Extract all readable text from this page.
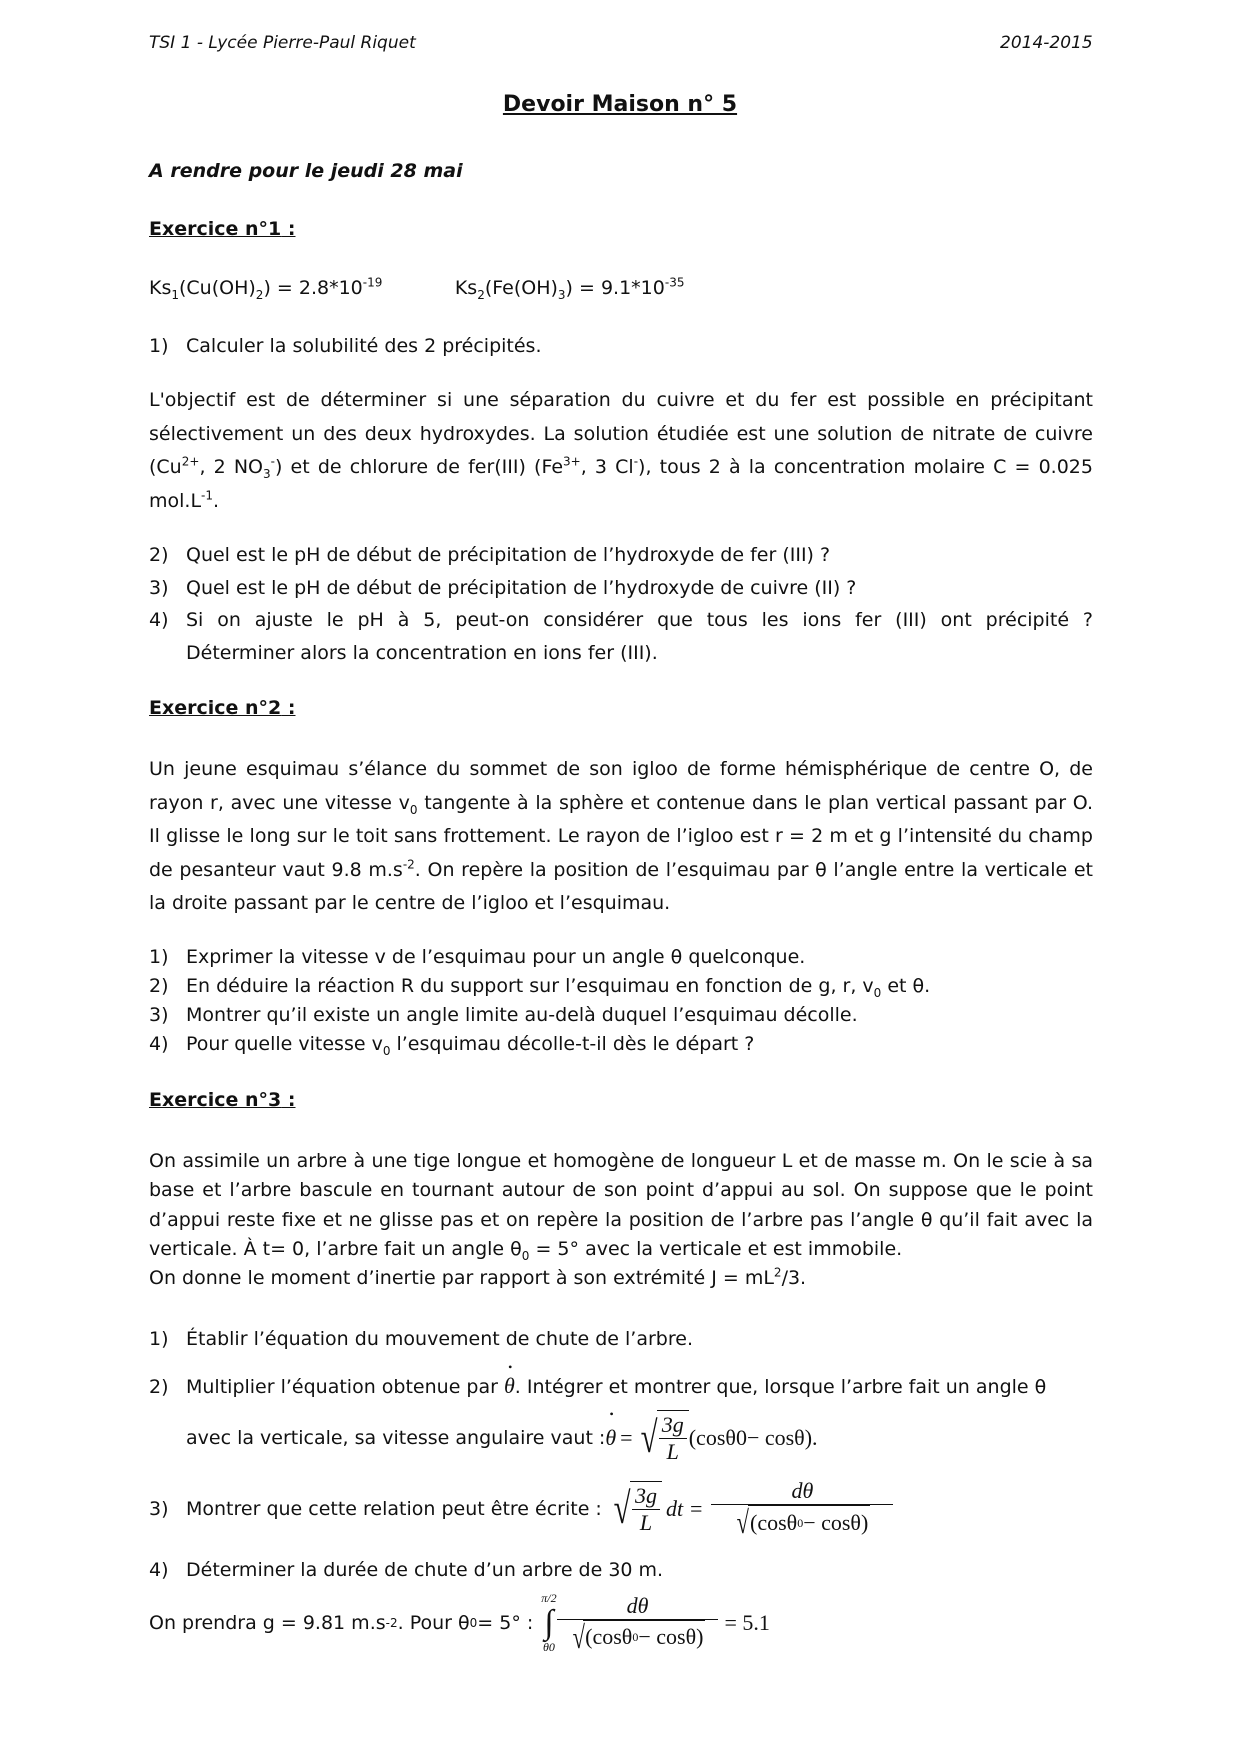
TSI 1 - Lycée Pierre-Paul Riquet	2014-2015
Devoir Maison n° 5
A rendre pour le jeudi 28 mai
Exercice n°1 :
$Ks_1(Cu(OH)_2) = 2.8*10^{-19}$            $Ks_2(Fe(OH)_3) = 9.1*10^{-35}$
1) Calculer la solubilité des 2 précipités.
L'objectif est de déterminer si une séparation du cuivre et du fer est possible en précipitant sélectivement un des deux hydroxydes. La solution étudiée est une solution de nitrate de cuivre ($Cu^{2+}$, 2 $NO_3^-$) et de chlorure de fer(III) ($Fe^{3+}$, 3 Cl-), tous 2 à la concentration molaire C = 0.025 $mol.L^{-1}$.
2) Quel est le pH de début de précipitation de l’hydroxyde de fer (III) ?
3) Quel est le pH de début de précipitation de l’hydroxyde de cuivre (II) ?
4) Si on ajuste le pH à 5, peut-on considérer que tous les ions fer (III) ont précipité ?
Déterminer alors la concentration en ions fer (III).
Exercice n°2 :
Un jeune esquimau s’élance du sommet de son igloo de forme hémisphérique de centre O, de rayon r, avec une vitesse $v_0$ tangente à la sphère et contenue dans le plan vertical passant par O. Il glisse le long sur le toit sans frottement. Le rayon de l’igloo est r = 2 m et g l’intensité du champ de pesanteur vaut 9.8 $m.s^{-2}$. On repère la position de l’esquimau par θ l’angle entre la verticale et la droite passant par le centre de l’igloo et l’esquimau.
1) Exprimer la vitesse v de l’esquimau pour un angle θ quelconque.
2) En déduire la réaction R du support sur l’esquimau en fonction de g, r, $v_0$ et θ.
3) Montrer qu’il existe un angle limite au-delà duquel l’esquimau décolle.
4) Pour quelle vitesse $v_0$ l’esquimau décolle-t-il dès le départ ?
Exercice n°3 :
On assimile un arbre à une tige longue et homogène de longueur L et de masse m. On le scie à sa base et l’arbre bascule en tournant autour de son point d’appui au sol. On suppose que le point d’appui reste fixe et ne glisse pas et on repère la position de l’arbre pas l’angle θ qu’il fait avec la verticale. À t= 0, l’arbre fait un angle $\theta_0 = 5^\circ$ avec la verticale et est immobile.
On donne le moment d’inertie par rapport à son extrémité $J = mL^2/3$.
1) Établir l’équation du mouvement de chute de l’arbre.
2) Multiplier l’équation obtenue par • θ. Intégrer et montrer que, lorsque l’arbre fait un angle θ
avec la verticale, sa vitesse angulaire vaut : • θ = √ $\frac{3g}{L} (\cos\theta$ 0 − cosθ).
3) Montrer que cette relation peut être écrite : √ $\frac{3g}{L}$ dt = $\frac{d\theta}{√ (\cos\theta 0 - \cos\theta)}$
4) Déterminer la durée de chute d’un arbre de 30 m.
On prendra g = 9.81 m.s -2 . Pour θ 0 = 5° :
π/2
∫
$\theta 0 \frac{d\theta}{√ (\cos\theta 0 - \cos\theta)} = 5.1$
